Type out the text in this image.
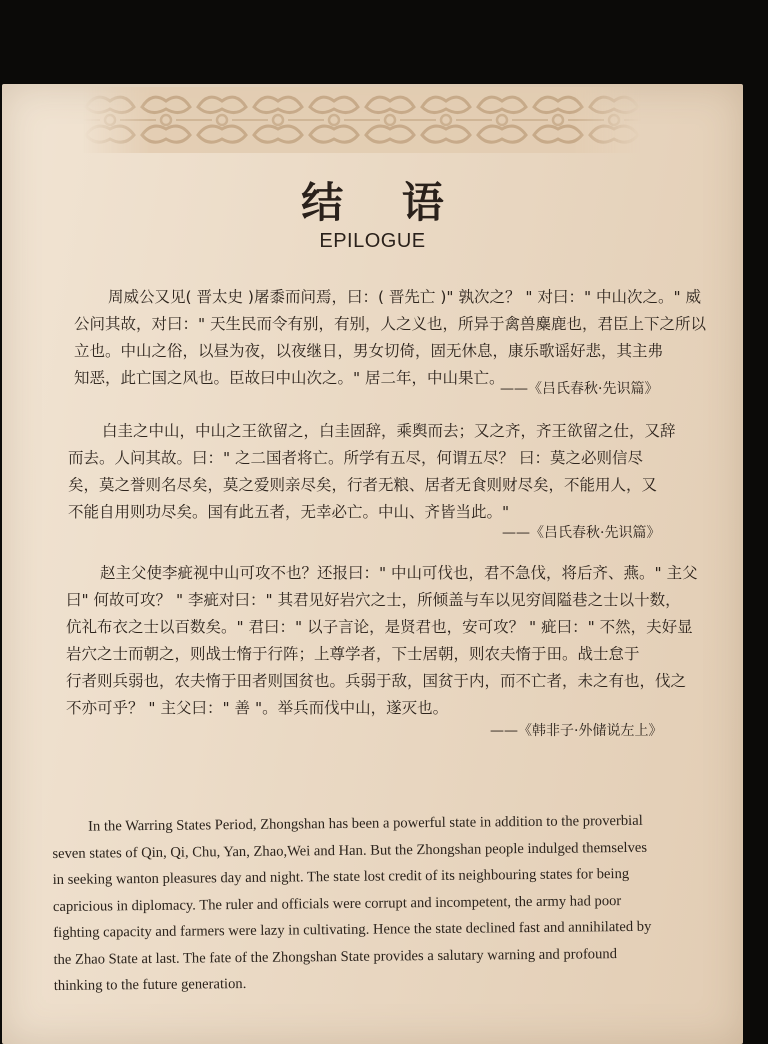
结 语
EPILOGUE

周威公又见( 晋太史 )屠黍而问焉，曰：( 晋先亡 )" 孰次之？ " 对曰：" 中山次之。" 威
公问其故，对曰：" 天生民而令有别，有别，人之义也，所异于禽兽麋鹿也，君臣上下之所以
立也。中山之俗，以昼为夜，以夜继日，男女切倚，固无休息，康乐歌谣好悲，其主弗
知恶，此亡国之风也。臣故曰中山次之。" 居二年，中山果亡。

——《吕氏春秋·先识篇》

白圭之中山，中山之王欲留之，白圭固辞，乘舆而去；又之齐，齐王欲留之仕，又辞
而去。人问其故。曰：" 之二国者将亡。所学有五尽，何谓五尽？ 曰：莫之必则信尽
矣，莫之誉则名尽矣，莫之爱则亲尽矣，行者无粮、居者无食则财尽矣，不能用人，又
不能自用则功尽矣。国有此五者，无幸必亡。中山、齐皆当此。"

——《吕氏春秋·先识篇》

赵主父使李疵视中山可攻不也？还报曰：" 中山可伐也，君不急伐，将后齐、燕。" 主父
曰" 何故可攻？ " 李疵对曰：" 其君见好岩穴之士，所倾盖与车以见穷闾隘巷之士以十数，
伉礼布衣之士以百数矣。" 君曰：" 以子言论，是贤君也，安可攻？ " 疵曰：" 不然，夫好显
岩穴之士而朝之，则战士惰于行阵；上尊学者，下士居朝，则农夫惰于田。战士怠于
行者则兵弱也，农夫惰于田者则国贫也。兵弱于敌，国贫于内，而不亡者，未之有也，伐之
不亦可乎？ " 主父曰：" 善 "。举兵而伐中山，遂灭也。

——《韩非子·外储说左上》

In the Warring States Period, Zhongshan has been a powerful state in addition to the proverbial
seven states of Qin, Qi, Chu, Yan, Zhao,Wei and Han. But the Zhongshan people indulged themselves
in seeking wanton pleasures day and night. The state lost credit of its neighbouring states for being
capricious in diplomacy. The ruler and officials were corrupt and incompetent, the army had poor
fighting capacity and farmers were lazy in cultivating. Hence the state declined fast and annihilated by
the Zhao State at last. The fate of the Zhongshan State provides a salutary warning and profound
thinking to the future generation.
